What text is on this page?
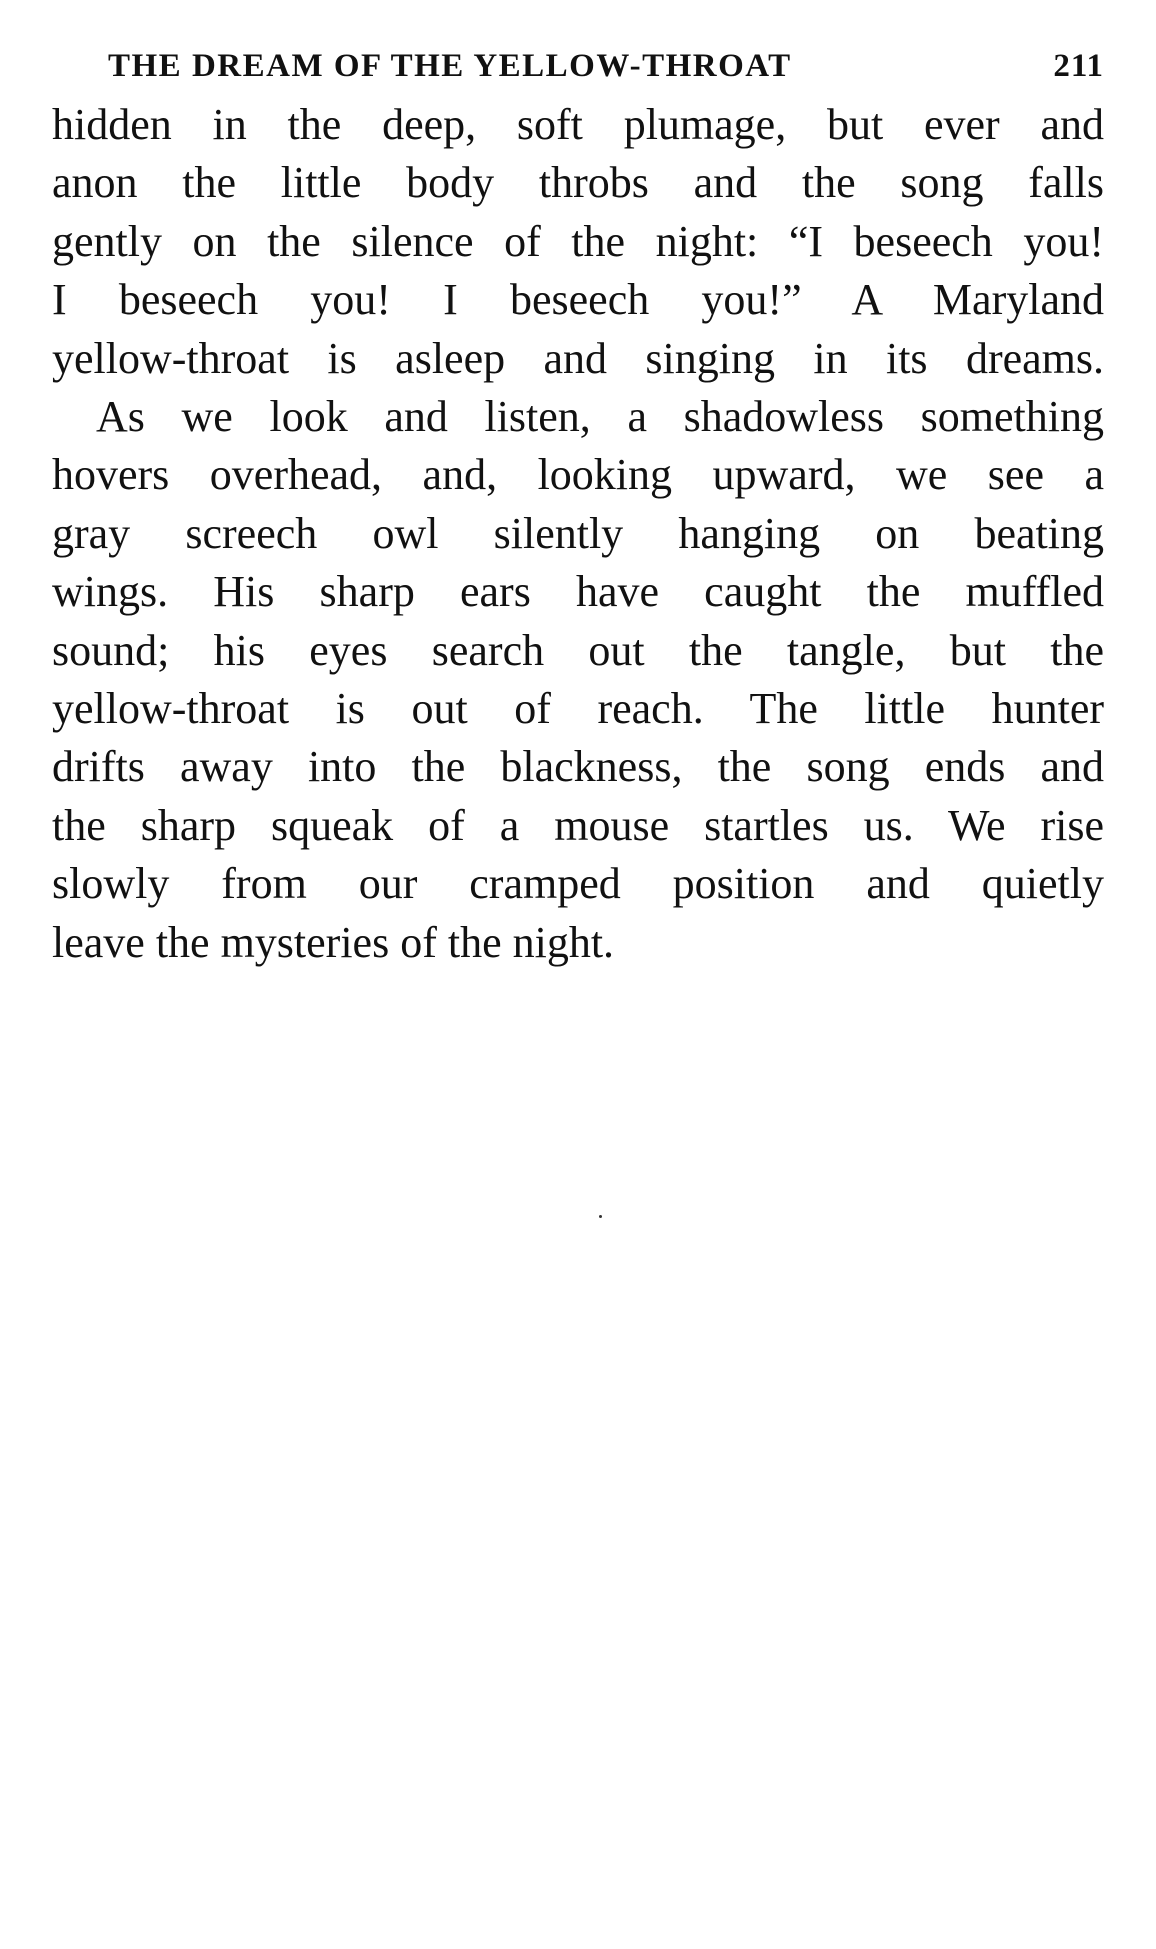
THE DREAM OF THE YELLOW-THROAT	211

hidden in the deep, soft plumage, but ever and
anon the little body throbs and the song falls
gently on the silence of the night: “I beseech you!
I beseech you! I beseech you!” A Maryland
yellow-throat is asleep and singing in its dreams.

As we look and listen, a shadowless something
hovers overhead, and, looking upward, we see a
gray screech owl silently hanging on beating
wings. His sharp ears have caught the muffled
sound; his eyes search out the tangle, but the
yellow-throat is out of reach. The little hunter
drifts away into the blackness, the song ends and
the sharp squeak of a mouse startles us. We rise
slowly from our cramped position and quietly
leave the mysteries of the night.
